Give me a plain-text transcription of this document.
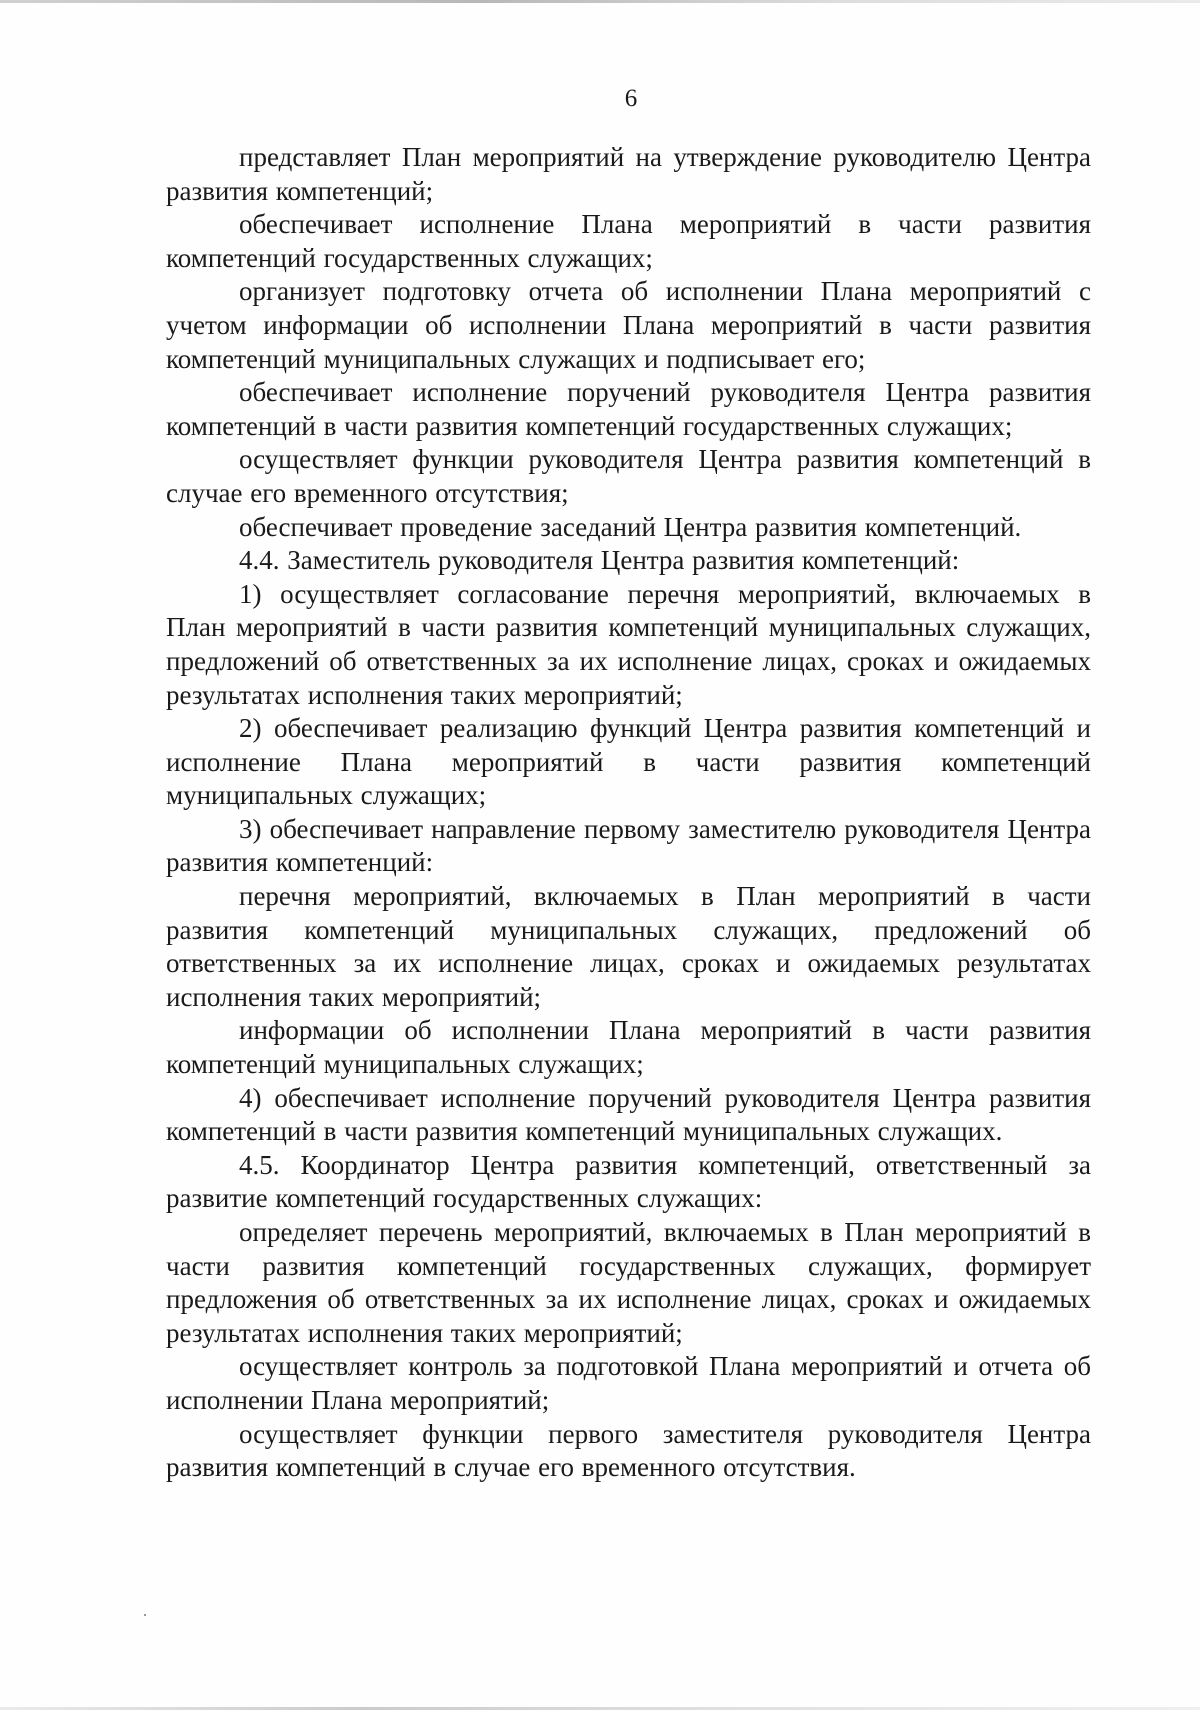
6

представляет План мероприятий на утверждение руководителю Центра развития компетенций;

обеспечивает исполнение Плана мероприятий в части развития компетенций государственных служащих;

организует подготовку отчета об исполнении Плана мероприятий с учетом информации об исполнении Плана мероприятий в части развития компетенций муниципальных служащих и подписывает его;

обеспечивает исполнение поручений руководителя Центра развития компетенций в части развития компетенций государственных служащих;

осуществляет функции руководителя Центра развития компетенций в случае его временного отсутствия;

обеспечивает проведение заседаний Центра развития компетенций.

4.4. Заместитель руководителя Центра развития компетенций:

1) осуществляет согласование перечня мероприятий, включаемых в План мероприятий в части развития компетенций муниципальных служащих, предложений об ответственных за их исполнение лицах, сроках и ожидаемых результатах исполнения таких мероприятий;

2) обеспечивает реализацию функций Центра развития компетенций и исполнение Плана мероприятий в части развития компетенций муниципальных служащих;

3) обеспечивает направление первому заместителю руководителя Центра развития компетенций:

перечня мероприятий, включаемых в План мероприятий в части развития компетенций муниципальных служащих, предложений об ответственных за их исполнение лицах, сроках и ожидаемых результатах исполнения таких мероприятий;

информации об исполнении Плана мероприятий в части развития компетенций муниципальных служащих;

4) обеспечивает исполнение поручений руководителя Центра развития компетенций в части развития компетенций муниципальных служащих.

4.5. Координатор Центра развития компетенций, ответственный за развитие компетенций государственных служащих:

определяет перечень мероприятий, включаемых в План мероприятий в части развития компетенций государственных служащих, формирует предложения об ответственных за их исполнение лицах, сроках и ожидаемых результатах исполнения таких мероприятий;

осуществляет контроль за подготовкой Плана мероприятий и отчета об исполнении Плана мероприятий;

осуществляет функции первого заместителя руководителя Центра развития компетенций в случае его временного отсутствия.
